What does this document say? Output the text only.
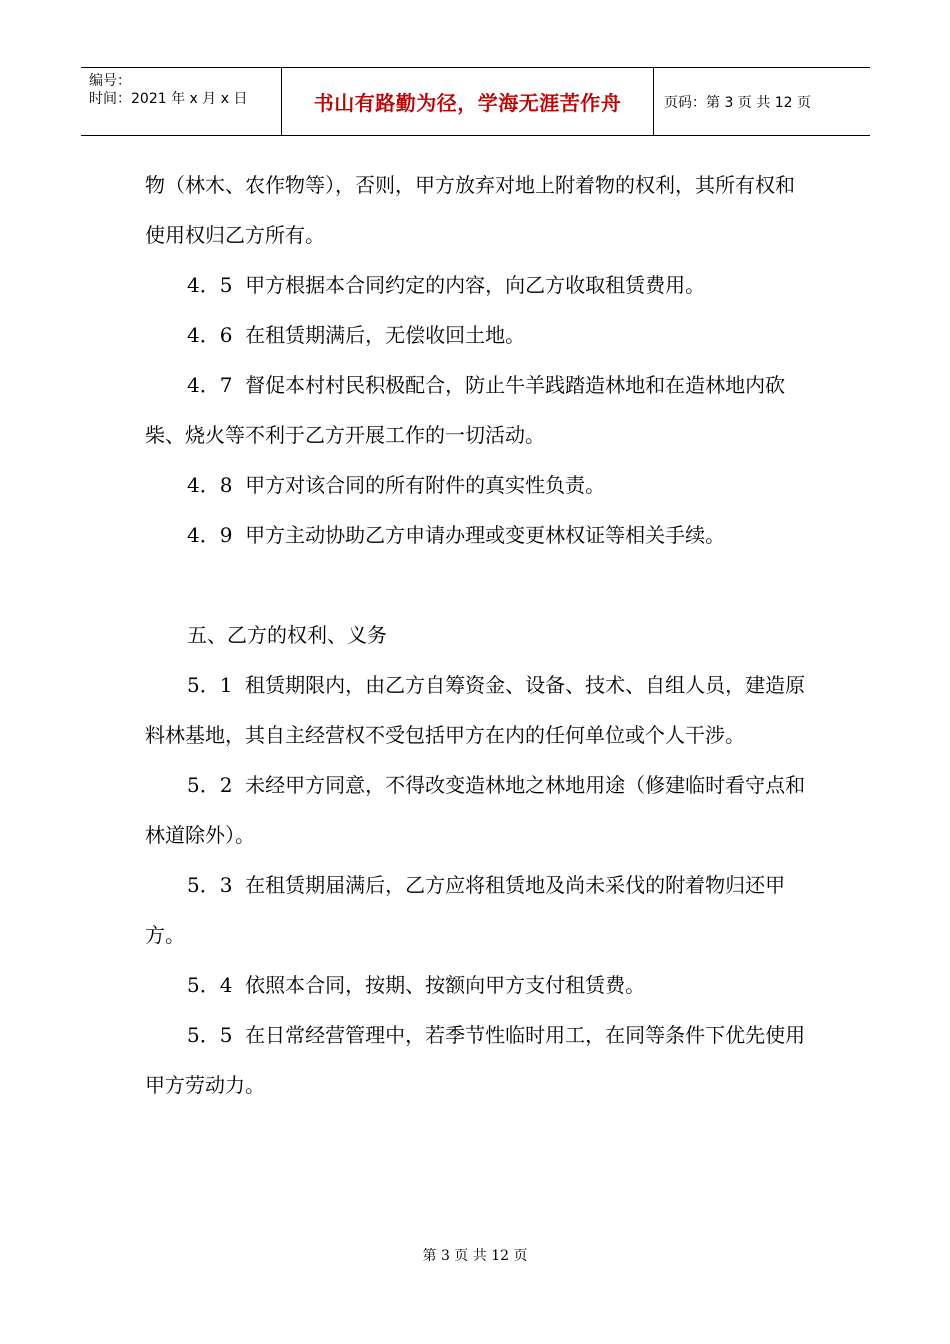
编号：
时间：2021 年 x 月 x 日	书山有路勤为径，学海无涯苦作舟	页码：第 3 页 共 12 页

物（林木、农作物等），否则，甲方放弃对地上附着物的权利，其所有权和使用权归乙方所有。

4．5  甲方根据本合同约定的内容，向乙方收取租赁费用。

4．6  在租赁期满后，无偿收回土地。

4．7  督促本村村民积极配合，防止牛羊践踏造林地和在造林地内砍柴、烧火等不利于乙方开展工作的一切活动。

4．8  甲方对该合同的所有附件的真实性负责。

4．9  甲方主动协助乙方申请办理或变更林权证等相关手续。

五、乙方的权利、义务

5．1  租赁期限内，由乙方自筹资金、设备、技术、自组人员，建造原料林基地，其自主经营权不受包括甲方在内的任何单位或个人干涉。

5．2  未经甲方同意，不得改变造林地之林地用途（修建临时看守点和林道除外）。

5．3  在租赁期届满后，乙方应将租赁地及尚未采伐的附着物归还甲方。

5．4  依照本合同，按期、按额向甲方支付租赁费。

5．5  在日常经营管理中，若季节性临时用工，在同等条件下优先使用甲方劳动力。

第 3 页 共 12 页
